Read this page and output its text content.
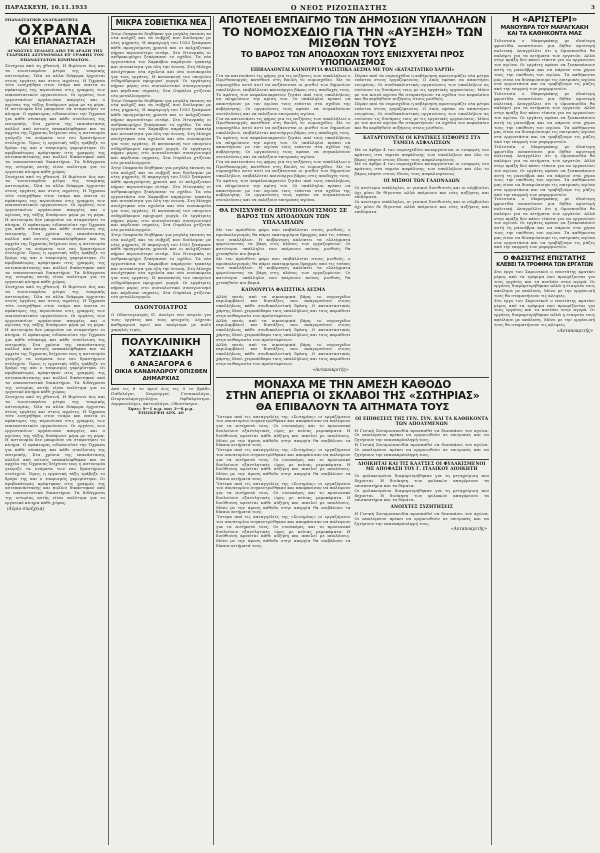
ΠΑΡΑΣΚΕΥΗ, 10.11.1933	Ο ΝΕΟΣ ΡΙΖΟΣΠΑΣΤΗΣ	3
ΕΠΑΝΑΣΤΑΤΙΚΗ ΑΝΑΓΚΑΙΟΤΗΤΑ
ΟΧΡΑΝΑ
ΚΑΙ ΕΠΑΝΑΣΤΑΣΗ
ΑΓΝΩΣΤΕΣ ΣΕΛΙΔΕΣ ΑΠΟ ΤΗ ΔΡΑΣΗ ΤΗΣ ΤΣΑΡΙΚΗΣ ΑΣΤΥΝΟΜΙΑΣ ΕΞ' ΓΡΑΦΗΣ ΤΟΝ ΕΠΑΝΑΣΤΑΤΩΝ ΚΙΝΗΜΑΤΩΝ.
Συνέχεια από τη χθεσινή. Η Βιρότονι 6ος και τα τοιουτοπράτα μέτρα της τσαρικής αστυνομίας. Όλα τα αλλα διάφορα έρχονται στους εργάτες και στους αγρότες. Η Όχρανα τότε εισηγήθηκε στον τσάρο και έπειτα οι πράκτορες της περνούσαν στις γραμμές των επαναστατικών οργανώσεων. Οι εργάτες των εργοστασίων οργάνωναν απεργίες και ο αγώνας της τάξης δυνάμωνε μέρα με τη μέρα. Η αστυνομία δεν μπορούσε να σταματήσει το κίνημα. Ο πράκτορας ειδοποιούσε την Όχρανα για κάθε σύσκεψη και κάθε συνέλευση της επιτροπής. Στα χρόνια της επανάστασης πολλοί από αυτούς αποκαλύφθηκαν και τα αρχεία της Όχρανας δείχνουν πως η αστυνομία γνώριζε τα ονόματα των πιο δραστήριων στελεχών. Όμως η εργατική τάξη τράβηξε το δρόμο της και ο τσαρισμός γκρεμίστηκε. Οι προβοκάτορες κρύφτηκαν στις γραμμές της αντεπανάστασης και πολλοί δικάστηκαν από τα επαναστατικά δικαστήρια. Τα διδάγματα της ιστορίας αυτής είναι πολύτιμα για το εργατικό κίνημα κάθε χώρας.
Συνέχεια από τη χθεσινή. Η Βιρότονι 6ος και τα τοιουτοπράτα μέτρα της τσαρικής αστυνομίας. Όλα τα αλλα διάφορα έρχονται στους εργάτες και στους αγρότες. Η Όχρανα τότε εισηγήθηκε στον τσάρο και έπειτα οι πράκτορες της περνούσαν στις γραμμές των επαναστατικών οργανώσεων. Οι εργάτες των εργοστασίων οργάνωναν απεργίες και ο αγώνας της τάξης δυνάμωνε μέρα με τη μέρα. Η αστυνομία δεν μπορούσε να σταματήσει το κίνημα. Ο πράκτορας ειδοποιούσε την Όχρανα για κάθε σύσκεψη και κάθε συνέλευση της επιτροπής. Στα χρόνια της επανάστασης πολλοί από αυτούς αποκαλύφθηκαν και τα αρχεία της Όχρανας δείχνουν πως η αστυνομία γνώριζε τα ονόματα των πιο δραστήριων στελεχών. Όμως η εργατική τάξη τράβηξε το δρόμο της και ο τσαρισμός γκρεμίστηκε. Οι προβοκάτορες κρύφτηκαν στις γραμμές της αντεπανάστασης και πολλοί δικάστηκαν από τα επαναστατικά δικαστήρια. Τα διδάγματα της ιστορίας αυτής είναι πολύτιμα για το εργατικό κίνημα κάθε χώρας.
Συνέχεια από τη χθεσινή. Η Βιρότονι 6ος και τα τοιουτοπράτα μέτρα της τσαρικής αστυνομίας. Όλα τα αλλα διάφορα έρχονται στους εργάτες και στους αγρότες. Η Όχρανα τότε εισηγήθηκε στον τσάρο και έπειτα οι πράκτορες της περνούσαν στις γραμμές των επαναστατικών οργανώσεων. Οι εργάτες των εργοστασίων οργάνωναν απεργίες και ο αγώνας της τάξης δυνάμωνε μέρα με τη μέρα. Η αστυνομία δεν μπορούσε να σταματήσει το κίνημα. Ο πράκτορας ειδοποιούσε την Όχρανα για κάθε σύσκεψη και κάθε συνέλευση της επιτροπής. Στα χρόνια της επανάστασης πολλοί από αυτούς αποκαλύφθηκαν και τα αρχεία της Όχρανας δείχνουν πως η αστυνομία γνώριζε τα ονόματα των πιο δραστήριων στελεχών. Όμως η εργατική τάξη τράβηξε το δρόμο της και ο τσαρισμός γκρεμίστηκε. Οι προβοκάτορες κρύφτηκαν στις γραμμές της αντεπανάστασης και πολλοί δικάστηκαν από τα επαναστατικά δικαστήρια. Τα διδάγματα της ιστορίας αυτής είναι πολύτιμα για το εργατικό κίνημα κάθε χώρας.
Συνέχεια από τη χθεσινή. Η Βιρότονι 6ος και τα τοιουτοπράτα μέτρα της τσαρικής αστυνομίας. Όλα τα αλλα διάφορα έρχονται στους εργάτες και στους αγρότες. Η Όχρανα τότε εισηγήθηκε στον τσάρο και έπειτα οι πράκτορες της περνούσαν στις γραμμές των επαναστατικών οργανώσεων. Οι εργάτες των εργοστασίων οργάνωναν απεργίες και ο αγώνας της τάξης δυνάμωνε μέρα με τη μέρα. Η αστυνομία δεν μπορούσε να σταματήσει το κίνημα. Ο πράκτορας ειδοποιούσε την Όχρανα για κάθε σύσκεψη και κάθε συνέλευση της επιτροπής. Στα χρόνια της επανάστασης πολλοί από αυτούς αποκαλύφθηκαν και τα αρχεία της Όχρανας δείχνουν πως η αστυνομία γνώριζε τα ονόματα των πιο δραστήριων στελεχών. Όμως η εργατική τάξη τράβηξε το δρόμο της και ο τσαρισμός γκρεμίστηκε. Οι προβοκάτορες κρύφτηκαν στις γραμμές της αντεπανάστασης και πολλοί δικάστηκαν από τα επαναστατικά δικαστήρια. Τα διδάγματα της ιστορίας αυτής είναι πολύτιμα για το εργατικό κίνημα κάθε χώρας.
(Αύριο συνέχεια)
ΜΙΚΡΑ ΣΟΒΙΕΤΙΚΑ ΝΕΑ
Στην Ουκρανία διηθήκαν για μεγάλη έκταση τα νέα κολχόζ και τα σοβχόζ που δούλεψαν με νέες μηχανές. Η παραγωγή του 1933 ξεπέρασε κάθε προηγούμενη χρονιά και οι κολχόζνικοι πήραν περισσότερο σιτάρι. Στο Ντονμπάς οι ανθρακωρύχοι ξεπέρασαν το σχέδιο. Τα νέα εργοστάσια του Χαρκόβου παράγουν τρακτέρ και αυτοκίνητα για όλη την ένωση. Στη Μόσχα ανοίχτηκαν νέα σχολεία και νέα νοσοκομεία για τους εργάτες. Η κατασκευή του υπογείου σιδηρόδρομου προχωρεί γοργά. Οι εργάτριες πήραν μέρος στο σοσιαλιστικό συναγωνισμό και κέρδισαν σημαίες. Στα Ουράλια χτίζεται νέο μεταλλουργείο.
Στην Ουκρανία διηθήκαν για μεγάλη έκταση τα νέα κολχόζ και τα σοβχόζ που δούλεψαν με νέες μηχανές. Η παραγωγή του 1933 ξεπέρασε κάθε προηγούμενη χρονιά και οι κολχόζνικοι πήραν περισσότερο σιτάρι. Στο Ντονμπάς οι ανθρακωρύχοι ξεπέρασαν το σχέδιο. Τα νέα εργοστάσια του Χαρκόβου παράγουν τρακτέρ και αυτοκίνητα για όλη την ένωση. Στη Μόσχα ανοίχτηκαν νέα σχολεία και νέα νοσοκομεία για τους εργάτες. Η κατασκευή του υπογείου σιδηρόδρομου προχωρεί γοργά. Οι εργάτριες πήραν μέρος στο σοσιαλιστικό συναγωνισμό και κέρδισαν σημαίες. Στα Ουράλια χτίζεται νέο μεταλλουργείο.
Στην Ουκρανία διηθήκαν για μεγάλη έκταση τα νέα κολχόζ και τα σοβχόζ που δούλεψαν με νέες μηχανές. Η παραγωγή του 1933 ξεπέρασε κάθε προηγούμενη χρονιά και οι κολχόζνικοι πήραν περισσότερο σιτάρι. Στο Ντονμπάς οι ανθρακωρύχοι ξεπέρασαν το σχέδιο. Τα νέα εργοστάσια του Χαρκόβου παράγουν τρακτέρ και αυτοκίνητα για όλη την ένωση. Στη Μόσχα ανοίχτηκαν νέα σχολεία και νέα νοσοκομεία για τους εργάτες. Η κατασκευή του υπογείου σιδηρόδρομου προχωρεί γοργά. Οι εργάτριες πήραν μέρος στο σοσιαλιστικό συναγωνισμό και κέρδισαν σημαίες. Στα Ουράλια χτίζεται νέο μεταλλουργείο.
Στην Ουκρανία διηθήκαν για μεγάλη έκταση τα νέα κολχόζ και τα σοβχόζ που δούλεψαν με νέες μηχανές. Η παραγωγή του 1933 ξεπέρασε κάθε προηγούμενη χρονιά και οι κολχόζνικοι πήραν περισσότερο σιτάρι. Στο Ντονμπάς οι ανθρακωρύχοι ξεπέρασαν το σχέδιο. Τα νέα εργοστάσια του Χαρκόβου παράγουν τρακτέρ και αυτοκίνητα για όλη την ένωση. Στη Μόσχα ανοίχτηκαν νέα σχολεία και νέα νοσοκομεία για τους εργάτες. Η κατασκευή του υπογείου σιδηρόδρομου προχωρεί γοργά. Οι εργάτριες πήραν μέρος στο σοσιαλιστικό συναγωνισμό και κέρδισαν σημαίες. Στα Ουράλια χτίζεται νέο μεταλλουργείο.
ΟΔΟΝΤΟΙΑΤΡΟΣ
Ο Οδοντογιατρός Π. Ανοίγει νέο ιατρείο για τους εργάτες και τους φτωχούς. Δέχεται καθημερινά πρωί και απόγευμα με πολύ χαμηλές τιμές.
ΠΟΛΥΚΛΙΝΙΚΗ ΧΑΤΖΙΔΑΚΗ
6 ΑΝΑΞΑΓΟΡΑ 6
ΟΙΚΙΑ ΚΑΝΔΗΛΩΡΟΥ ΟΠΙΣΘΕΝ ΔΗΜΑΡΧΙΑΣ
Από τις 8 το πρωί έως τις 9 το βράδυ. Παθολόγοι, Χειρουργοί, Γυναικολόγοι, Ωτορινολαρυγγολόγοι, Οφθαλμίατροι, Δερματολόγοι, Ακτινολόγοι, Οδοντίατροι.
Ώρες: 9—1 π.μ. και 3—8 μ.μ.
ΕΠΙΣΚΕΨΗ ΔΡΧ. 40
ΑΠΟΤΕΛΕΙ ΕΜΠΑΙΓΜΟ ΤΩΝ ΔΗΜΟΣΙΩΝ ΥΠΑΛΛΗΛΩΝ
ΤΟ ΝΟΜΟΣΧΕΔΙΟ ΓΙΑ ΤΗΝ «ΑΥΞΗΣΗ» ΤΩΝ ΜΙΣΘΩΝ ΤΟΥΣ
ΤΟ ΒΑΡΟΣ ΤΩΝ ΑΠΟΔΟΧΩΝ ΤΟΥΣ ΕΝΙΣΧΥΕΤΑΙ ΠΡΟΣ ΥΠΟΠΟΛΙΣΜΟΣ
ΕΠΙΒΑΛΛΟΝΤΑΙ ΚΑΙΝΟΥΡΓΙΑ ΦΑΣΙΣΤΙΚΑ ΔΕΣΜΑ ΜΕ ΤΟΝ «ΚΑΤΑΣΤΑΤΙΚΟ ΧΑΡΤΗ»
Για να κατευνάσει τις φήμες για τις αυξήσεις των υπαλλήλων ο Πρωθυπουργός κατέθεσε στη Βουλή το νομοσχέδιο. Με το νομοσχέδιο αυτό αντί να αυξάνονται οι μισθοί των δημοσίων υπαλλήλων, επιβάλλεται καινούργιο βάρος στις αποδοχές τους. Το κράτος των κεφαλαιοκρατών ζητάει από τους υπαλλήλους να πληρώσουν την κρίση του. Οι υπάλληλοι πρέπει να απαντήσουν με τον αγώνα τους ενάντια στα σχέδια της κυβέρνησης. Οι οργανώσεις τους πρέπει να συγκαλέσουν συνελεύσεις και να εκλέξουν επιτροπές αγώνα.
Για να κατευνάσει τις φήμες για τις αυξήσεις των υπαλλήλων ο Πρωθυπουργός κατέθεσε στη Βουλή το νομοσχέδιο. Με το νομοσχέδιο αυτό αντί να αυξάνονται οι μισθοί των δημοσίων υπαλλήλων, επιβάλλεται καινούργιο βάρος στις αποδοχές τους. Το κράτος των κεφαλαιοκρατών ζητάει από τους υπαλλήλους να πληρώσουν την κρίση του. Οι υπάλληλοι πρέπει να απαντήσουν με τον αγώνα τους ενάντια στα σχέδια της κυβέρνησης. Οι οργανώσεις τους πρέπει να συγκαλέσουν συνελεύσεις και να εκλέξουν επιτροπές αγώνα.
Για να κατευνάσει τις φήμες για τις αυξήσεις των υπαλλήλων ο Πρωθυπουργός κατέθεσε στη Βουλή το νομοσχέδιο. Με το νομοσχέδιο αυτό αντί να αυξάνονται οι μισθοί των δημοσίων υπαλλήλων, επιβάλλεται καινούργιο βάρος στις αποδοχές τους. Το κράτος των κεφαλαιοκρατών ζητάει από τους υπαλλήλους να πληρώσουν την κρίση του. Οι υπάλληλοι πρέπει να απαντήσουν με τον αγώνα τους ενάντια στα σχέδια της κυβέρνησης. Οι οργανώσεις τους πρέπει να συγκαλέσουν συνελεύσεις και να εκλέξουν επιτροπές αγώνα.
ΘΑ ΕΝΙΣΧΥΘΕΙ Ο ΠΡΟΥΠΟΛΟΓΙΣΜΟΣ ΣΕ ΒΑΡΟΣ ΤΩΝ ΑΠΟΔΟΧΩΝ ΤΩΝ ΥΠΑΛΛΗΛΩΝ
Με τον πρόσθετο φόρο που επιβάλλεται στους μισθούς, ο προϋπολογισμός θα πάρει εκατομμύρια δραχμές από τις τσέπες των υπαλλήλων. Η κυβέρνηση καλύπτει τα ελλείμματα φορτώνοντας τα βάρη στις πλάτες των εργαζομένων. Οι κατώτεροι υπάλληλοι που παίρνουν πείνας μισθούς θα χτυπηθούν πιο βαριά.
Με τον πρόσθετο φόρο που επιβάλλεται στους μισθούς, ο προϋπολογισμός θα πάρει εκατομμύρια δραχμές από τις τσέπες των υπαλλήλων. Η κυβέρνηση καλύπτει τα ελλείμματα φορτώνοντας τα βάρη στις πλάτες των εργαζομένων. Οι κατώτεροι υπάλληλοι που παίρνουν πείνας μισθούς θα χτυπηθούν πιο βαριά.
ΚΑΙΝΟΥΡΓΙΑ ΦΑΣΙΣΤΙΚΑ ΔΕΣΜΑ
Αλλά εκτός από τα οικονομικά βάρη, το νομοσχέδιο περιλαμβάνει και διατάξεις που απαγορεύουν στους υπαλλήλους κάθε συνδικαλιστική δράση. Ο κατασταστικός χάρτης δένει χειροπόδαρα τους υπαλλήλους και τους παραδίνει στην αυθαιρεσία των προϊσταμένων.
Αλλά εκτός από τα οικονομικά βάρη, το νομοσχέδιο περιλαμβάνει και διατάξεις που απαγορεύουν στους υπαλλήλους κάθε συνδικαλιστική δράση. Ο κατασταστικός χάρτης δένει χειροπόδαρα τους υπαλλήλους και τους παραδίνει στην αυθαιρεσία των προϊσταμένων.
Αλλά εκτός από τα οικονομικά βάρη, το νομοσχέδιο περιλαμβάνει και διατάξεις που απαγορεύουν στους υπαλλήλους κάθε συνδικαλιστική δράση. Ο κατασταστικός χάρτης δένει χειροπόδαρα τους υπαλλήλους και τους παραδίνει στην αυθαιρεσία των προϊσταμένων.
«Ανταποκριτής»
Πέραν από τα νομοσχέδια η κυβέρνηση προετοιμάζει νέα μέτρα ενάντια στους εργαζόμενους. Ο λαός πρέπει να απαντήσει ενωμένος. Οι συνδικαλιστικές οργανώσεις των υπαλλήλων ας ενώσουν τις δυνάμεις τους με τις εργατικές οργανώσεις. Μόνο με τον κοινό αγώνα θα σταματήσουν τα σχέδια του κεφαλαίου και θα κερδηθούν αυξήσεις στους μισθούς.
Πέραν από τα νομοσχέδια η κυβέρνηση προετοιμάζει νέα μέτρα ενάντια στους εργαζόμενους. Ο λαός πρέπει να απαντήσει ενωμένος. Οι συνδικαλιστικές οργανώσεις των υπαλλήλων ας ενώσουν τις δυνάμεις τους με τις εργατικές οργανώσεις. Μόνο με τον κοινό αγώνα θα σταματήσουν τα σχέδια του κεφαλαίου και θα κερδηθούν αυξήσεις στους μισθούς.
ΚΑΤΑΡΓΟΥΝΤΑΙ ΟΙ ΚΡΑΤΙΚΕΣ ΕΙΣΦΟΡΕΣ ΣΤΑ ΤΑΜΕΙΑ ΑΣΦΑΛΙΣΕΩΝ
Με το άρθρο 4 του νομοσχεδίου καταργούνται οι εισφορές του κράτους στα ταμεία ασφάλισης των υπαλλήλων και όλο το βάρος πέφτει στους ίδιους τους ασφαλισμένους.
Με το άρθρο 4 του νομοσχεδίου καταργούνται οι εισφορές του κράτους στα ταμεία ασφάλισης των υπαλλήλων και όλο το βάρος πέφτει στους ίδιους τους ασφαλισμένους.
ΟΙ ΜΙΣΘΟΙ ΤΩΝ ΓΑΛΟΝΑΔΩΝ
Οι ανώτεροι υπάλληλοι, οι γενικοί διευθυντές και οι σύμβουλοι όχι μόνο δε θίγονται αλλά παίρνουν και νέες αυξήσεις και επιδόματα.
Οι ανώτεροι υπάλληλοι, οι γενικοί διευθυντές και οι σύμβουλοι όχι μόνο δε θίγονται αλλά παίρνουν και νέες αυξήσεις και επιδόματα.
ΜΟΝΑΧΑ ΜΕ ΤΗΝ ΑΜΕΣΗ ΚΑΘΟΔΟ
ΣΤΗΝ ΑΠΕΡΓΙΑ ΟΙ ΣΚΛΑΒΟΙ ΤΗΣ «ΣΩΤΗΡΙΑΣ»
ΘΑ ΕΠΙΒΑΛΟΥΝ ΤΑ ΑΙΤΗΜΑΤΑ ΤΟΥΣ
Ύστερα από τις καταγγελίες της «Σωτηρίας» οι εργαζόμενοι του σανατορίου συγκεντρώθηκαν και αποφάσισαν να παλέψουν για τα αιτήματά τους. Οι νοσοκόμες και το προσωπικό δουλεύουν εξαντλητικές ώρες με πείνας μεροκάματα. Η διεύθυνση αρνείται κάθε αύξηση και απειλεί με απολύσεις. Μόνο με την άμεση κάθοδο στην απεργία θα επιβάλουν τα δίκαια αιτήματά τους.
Ύστερα από τις καταγγελίες της «Σωτηρίας» οι εργαζόμενοι του σανατορίου συγκεντρώθηκαν και αποφάσισαν να παλέψουν για τα αιτήματά τους. Οι νοσοκόμες και το προσωπικό δουλεύουν εξαντλητικές ώρες με πείνας μεροκάματα. Η διεύθυνση αρνείται κάθε αύξηση και απειλεί με απολύσεις. Μόνο με την άμεση κάθοδο στην απεργία θα επιβάλουν τα δίκαια αιτήματά τους.
Ύστερα από τις καταγγελίες της «Σωτηρίας» οι εργαζόμενοι του σανατορίου συγκεντρώθηκαν και αποφάσισαν να παλέψουν για τα αιτήματά τους. Οι νοσοκόμες και το προσωπικό δουλεύουν εξαντλητικές ώρες με πείνας μεροκάματα. Η διεύθυνση αρνείται κάθε αύξηση και απειλεί με απολύσεις. Μόνο με την άμεση κάθοδο στην απεργία θα επιβάλουν τα δίκαια αιτήματά τους.
Ύστερα από τις καταγγελίες της «Σωτηρίας» οι εργαζόμενοι του σανατορίου συγκεντρώθηκαν και αποφάσισαν να παλέψουν για τα αιτήματά τους. Οι νοσοκόμες και το προσωπικό δουλεύουν εξαντλητικές ώρες με πείνας μεροκάματα. Η διεύθυνση αρνείται κάθε αύξηση και απειλεί με απολύσεις. Μόνο με την άμεση κάθοδο στην απεργία θα επιβάλουν τα δίκαια αιτήματά τους.
ΟΙ ΕΠΙΘΕΣΕΙΣ ΤΗΣ ΓΕΝ. ΣΥΝ. ΚΑΙ ΤΑ ΚΑΘΗΚΟΝΤΑ ΤΩΝ ΑΠΟΛΥΜΕΝΩΝ
Η Γενική Συνομοσπονδία προσπαθεί να διασπάσει τον αγώνα. Οι απολυμένοι πρέπει να οργανωθούν σε επιτροπές και να ζητήσουν την επαναπρόσληψή τους.
Η Γενική Συνομοσπονδία προσπαθεί να διασπάσει τον αγώνα. Οι απολυμένοι πρέπει να οργανωθούν σε επιτροπές και να ζητήσουν την επαναπρόσληψή τους.
ΔΙΟΙΚΗΤΑΙ ΚΑΙ ΤΙΣ ΚΑΛΤΣΕΣ ΟΙ ΦΥΛΑΚΙΣΜΕΝΟΙ ΜΕ ΑΠΟΦΑΣΗ ΤΟΥ Γ. ΙΤΑΛΙΚΟΥ ΔΙΟΙΚΗΤΗ
Οι φυλακισμένοι διαμαρτυρήθηκαν για τη μεταχείριση που δέχονται. Η διοίκηση των φυλακών απαγόρευσε τα επισκεπτήρια και τα δέματα.
Οι φυλακισμένοι διαμαρτυρήθηκαν για τη μεταχείριση που δέχονται. Η διοίκηση των φυλακών απαγόρευσε τα επισκεπτήρια και τα δέματα.
ΑΝΟΙΧΤΕΣ ΣΥΖΗΤΗΣΕΙΣ
Η Γενική Συνομοσπονδία προσπαθεί να διασπάσει τον αγώνα. Οι απολυμένοι πρέπει να οργανωθούν σε επιτροπές και να ζητήσουν την επαναπρόσληψή τους.
«Ανταποκριτής»
Η «ΑΡΙΣΤΕΡΙ»
ΜΑΝΟΥΒΡΑ ΤΟΥ ΜΑΡΑΓΚΑΚΗ
ΚΑΙ ΤΑ ΚΑΘΗΚΟΝΤΑ ΜΑΣ
Τελευταία ο Μαραγκάκης με ιδιαίτερη φροντίδα αναπτύσσει μια δήθεν αριστερή πολιτική. Αναγγέλλει ότι η Ομοσπονδία θα παλέψει για τα αιτήματα των εργατών. Αλλά στην πράξη δεν κάνει τίποτα για να οργανώσει τον αγώνα. Οι εργάτες πρέπει να ξεσκεπάσουν αυτή τη μανούβρα και να πάρουν στα χέρια τους την υπόθεση του αγώνα. Τα καθήκοντα μας είναι να δυναμώσουμε τις επιτροπές αγώνα στα εργοστάσια και να τραβήξουμε τις μάζες από την επιρροή των ρεφορμιστών.
Τελευταία ο Μαραγκάκης με ιδιαίτερη φροντίδα αναπτύσσει μια δήθεν αριστερή πολιτική. Αναγγέλλει ότι η Ομοσπονδία θα παλέψει για τα αιτήματα των εργατών. Αλλά στην πράξη δεν κάνει τίποτα για να οργανώσει τον αγώνα. Οι εργάτες πρέπει να ξεσκεπάσουν αυτή τη μανούβρα και να πάρουν στα χέρια τους την υπόθεση του αγώνα. Τα καθήκοντα μας είναι να δυναμώσουμε τις επιτροπές αγώνα στα εργοστάσια και να τραβήξουμε τις μάζες από την επιρροή των ρεφορμιστών.
Τελευταία ο Μαραγκάκης με ιδιαίτερη φροντίδα αναπτύσσει μια δήθεν αριστερή πολιτική. Αναγγέλλει ότι η Ομοσπονδία θα παλέψει για τα αιτήματα των εργατών. Αλλά στην πράξη δεν κάνει τίποτα για να οργανώσει τον αγώνα. Οι εργάτες πρέπει να ξεσκεπάσουν αυτή τη μανούβρα και να πάρουν στα χέρια τους την υπόθεση του αγώνα. Τα καθήκοντα μας είναι να δυναμώσουμε τις επιτροπές αγώνα στα εργοστάσια και να τραβήξουμε τις μάζες από την επιρροή των ρεφορμιστών.
Τελευταία ο Μαραγκάκης με ιδιαίτερη φροντίδα αναπτύσσει μια δήθεν αριστερή πολιτική. Αναγγέλλει ότι η Ομοσπονδία θα παλέψει για τα αιτήματα των εργατών. Αλλά στην πράξη δεν κάνει τίποτα για να οργανώσει τον αγώνα. Οι εργάτες πρέπει να ξεσκεπάσουν αυτή τη μανούβρα και να πάρουν στα χέρια τους την υπόθεση του αγώνα. Τα καθήκοντα μας είναι να δυναμώσουμε τις επιτροπές αγώνα στα εργοστάσια και να τραβήξουμε τις μάζες από την επιρροή των ρεφορμιστών.
Ο ΦΑΣΙΣΤΗΣ ΕΠΙΣΤΑΤΗΣ
ΚΛΕΒΕΙ ΤΑ ΤΡΟΦΙΜΑ ΤΩΝ ΕΡΓΑΤΩΝ
Στο έργο του Σαρωνικού ο επιστάτης κρατάει μέρος από τα τρόφιμα που προορίζονται για τους εργάτες και τα πουλάει στην αγορά. Οι εργάτες διαμαρτυρήθηκαν αλλά η εταιρεία τους απείλησε με απόλυση. Μόνο με την οργάνωσή τους θα σταματήσουν τις κλεψιές.
Στο έργο του Σαρωνικού ο επιστάτης κρατάει μέρος από τα τρόφιμα που προορίζονται για τους εργάτες και τα πουλάει στην αγορά. Οι εργάτες διαμαρτυρήθηκαν αλλά η εταιρεία τους απείλησε με απόλυση. Μόνο με την οργάνωσή τους θα σταματήσουν τις κλεψιές.
«Ανταποκριτής»
